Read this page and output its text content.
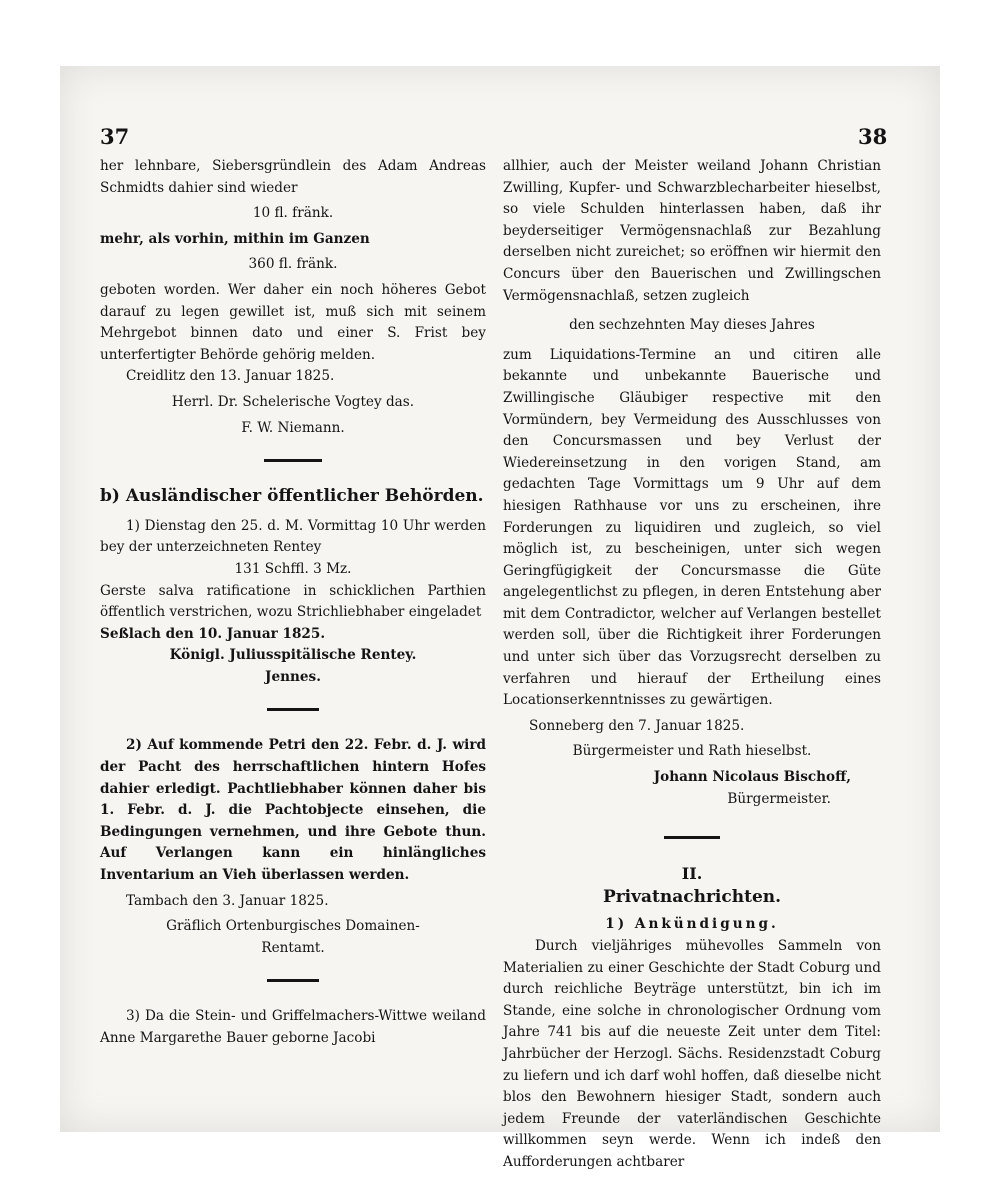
37	38

her lehnbare, Siebersgründlein des Adam Andreas Schmidts dahier sind wieder

10 fl. fränk.

mehr, als vorhin, mithin im Ganzen

360 fl. fränk.

geboten worden. Wer daher ein noch höheres Gebot darauf zu legen gewillet ist, muß sich mit seinem Mehrgebot binnen dato und einer S. Frist bey unterfertigter Behörde gehörig melden.

Creidlitz den 13. Januar 1825.

Herrl. Dr. Schelerische Vogtey das.

F. W. Niemann.

b) Ausländischer öffentlicher Behörden.

1) Dienstag den 25. d. M. Vormittag 10 Uhr werden bey der unterzeichneten Rentey

131 Schffl. 3 Mz.

Gerste salva ratificatione in schicklichen Parthien öffentlich verstrichen, wozu Strichliebhaber eingeladet

Seßlach den 10. Januar 1825.

Königl. Juliusspitälische Rentey.

Jennes.

2) Auf kommende Petri den 22. Febr. d. J. wird der Pacht des herrschaftlichen hintern Hofes dahier erledigt. Pachtliebhaber können daher bis 1. Febr. d. J. die Pachtobjecte einsehen, die Bedingungen vernehmen, und ihre Gebote thun. Auf Verlangen kann ein hinlängliches Inventarium an Vieh überlassen werden.

Tambach den 3. Januar 1825.

Gräflich Ortenburgisches Domainen-

Rentamt.

3) Da die Stein- und Griffelmachers-Wittwe weiland Anne Margarethe Bauer geborne Jacobi

allhier, auch der Meister weiland Johann Christian Zwilling, Kupfer- und Schwarzblecharbeiter hieselbst, so viele Schulden hinterlassen haben, daß ihr beyderseitiger Vermögensnachlaß zur Bezahlung derselben nicht zureichet; so eröffnen wir hiermit den Concurs über den Bauerischen und Zwillingschen Vermögensnachlaß, setzen zugleich

den sechzehnten May dieses Jahres

zum Liquidations-Termine an und citiren alle bekannte und unbekannte Bauerische und Zwillingische Gläubiger respective mit den Vormündern, bey Vermeidung des Ausschlusses von den Concursmassen und bey Verlust der Wiedereinsetzung in den vorigen Stand, am gedachten Tage Vormittags um 9 Uhr auf dem hiesigen Rathhause vor uns zu erscheinen, ihre Forderungen zu liquidiren und zugleich, so viel möglich ist, zu bescheinigen, unter sich wegen Geringfügigkeit der Concursmasse die Güte angelegentlichst zu pflegen, in deren Entstehung aber mit dem Contradictor, welcher auf Verlangen bestellet werden soll, über die Richtigkeit ihrer Forderungen und unter sich über das Vorzugsrecht derselben zu verfahren und hierauf der Ertheilung eines Locationserkenntnisses zu gewärtigen.

Sonneberg den 7. Januar 1825.

Bürgermeister und Rath hieselbst.

Johann Nicolaus Bischoff,

Bürgermeister.

II.

Privatnachrichten.

1) Ankündigung.

Durch vieljähriges mühevolles Sammeln von Materialien zu einer Geschichte der Stadt Coburg und durch reichliche Beyträge unterstützt, bin ich im Stande, eine solche in chronologischer Ordnung vom Jahre 741 bis auf die neueste Zeit unter dem Titel: Jahrbücher der Herzogl. Sächs. Residenzstadt Coburg zu liefern und ich darf wohl hoffen, daß dieselbe nicht blos den Bewohnern hiesiger Stadt, sondern auch jedem Freunde der vaterländischen Geschichte willkommen seyn werde. Wenn ich indeß den Aufforderungen achtbarer
